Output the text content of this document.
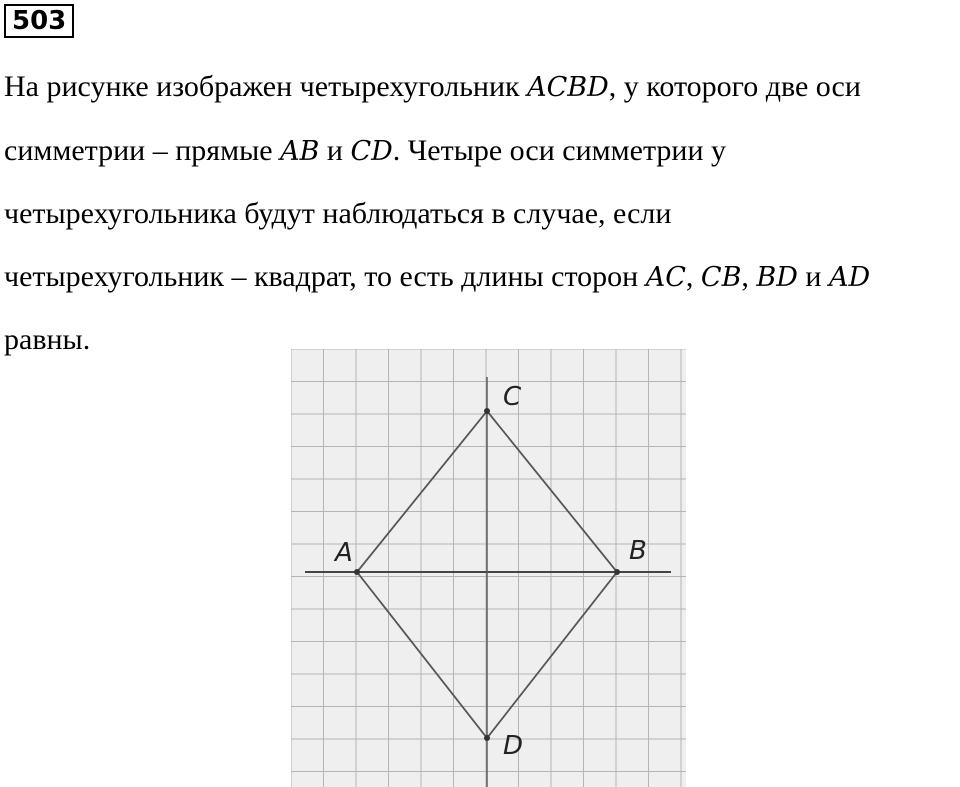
503

На рисунке изображен четырехугольник ACBD, у которого две оси
симметрии – прямые AB и CD. Четыре оси симметрии у
четырехугольника будут наблюдаться в случае, если
четырехугольник – квадрат, то есть длины сторон AC, CB, BD и AD
равны.

C
B
D
A
